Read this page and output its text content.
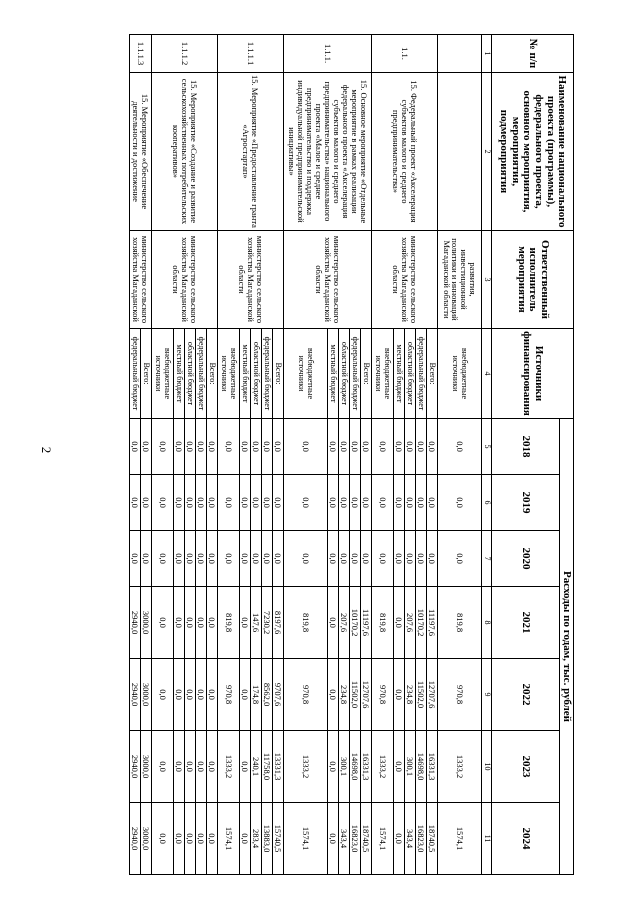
2
№ п/п	Наименование национального проекта (программы), федерального проекта, основного мероприятия, мероприятия, подмероприятия	Ответственный исполнитель мероприятия	Источники финансирования	Расходы по годам, тыс. рублей						
				2018	2019	2020	2021	2022	2023	2024
1	2	3	4	5	6	7	8	9	10	11
		развития, инвестиционной политики и инноваций Магаданской области	внебюджетные источники	0,0	0,0	0,0	819,8	970,8	1333,2	1574,1
1.1.	15. Федеральный проект «Акселерация субъектов малого и среднего предпринимательства»	министерство сельского хозяйства Магаданской области	Всего:	0,0	0,0	0,0	11197,6	12707,6	16331,3	18740,5
			федеральный бюджет	0,0	0,0	0,0	10170,2	11502,0	14698,0	16823,0
			областной бюджет	0,0	0,0	0,0	207,6	234,8	300,1	343,4
			местный бюджет	0,0	0,0	0,0	0,0	0,0	0,0	0,0
			внебюджетные источники	0,0	0,0	0,0	819,8	970,8	1333,2	1574,1
1.1.1.	15. Основное мероприятие «Отдельные мероприятие в рамках реализации федерального проекта «Акселерация субъектов малого и среднего предпринимательства» национального проекта «Малое и среднее предпринимательство и поддержка индивидуальной предпринимательской инициативы»	министерство сельского хозяйства Магаданской области	Всего:	0,0	0,0	0,0	11197,6	12707,6	16331,3	18740,5
			федеральный бюджет	0,0	0,0	0,0	10170,2	11502,0	14698,0	16823,0
			областной бюджет	0,0	0,0	0,0	207,6	234,8	300,1	343,4
			местный бюджет	0,0	0,0	0,0	0,0	0,0	0,0	0,0
			внебюджетные источники	0,0	0,0	0,0	819,8	970,8	1333,2	1574,1
1.1.1.1	15. Мероприятие «Предоставление гранта «Агростартап»	министерство сельского хозяйства Магаданской области	Всего:	0,0	0,0	0,0	8197,6	9707,6	13331,3	15740,5
			федеральный бюджет	0,0	0,0	0,0	7230,2	8562,0	11758,0	13883,0
			областной бюджет	0,0	0,0	0,0	147,6	174,8	240,1	283,4
			местный бюджет	0,0	0,0	0,0	0,0	0,0	0,0	0,0
			внебюджетные источники	0,0	0,0	0,0	819,8	970,8	1333,2	1574,1
1.1.1.2	15. Мероприятие «Создание и развитие сельскохозяйственных потребительских кооперативов»	министерство сельского хозяйства Магаданской области	Всего:	0,0	0,0	0,0	0,0	0,0	0,0	0,0
			федеральный бюджет	0,0	0,0	0,0	0,0	0,0	0,0	0,0
			областной бюджет	0,0	0,0	0,0	0,0	0,0	0,0	0,0
			местный бюджет	0,0	0,0	0,0	0,0	0,0	0,0	0,0
			внебюджетные источники	0,0	0,0	0,0	0,0	0,0	0,0	0,0
1.1.1.3	15. Мероприятие «Обеспечение деятельности и достижение	министерство сельского хозяйства Магаданской	Всего:	0,0	0,0	0,0	3000,0	3000,0	3000,0	3000,0
			федеральный бюджет	0,0	0,0	0,0	2940,0	2940,0	2940,0	2940,0
